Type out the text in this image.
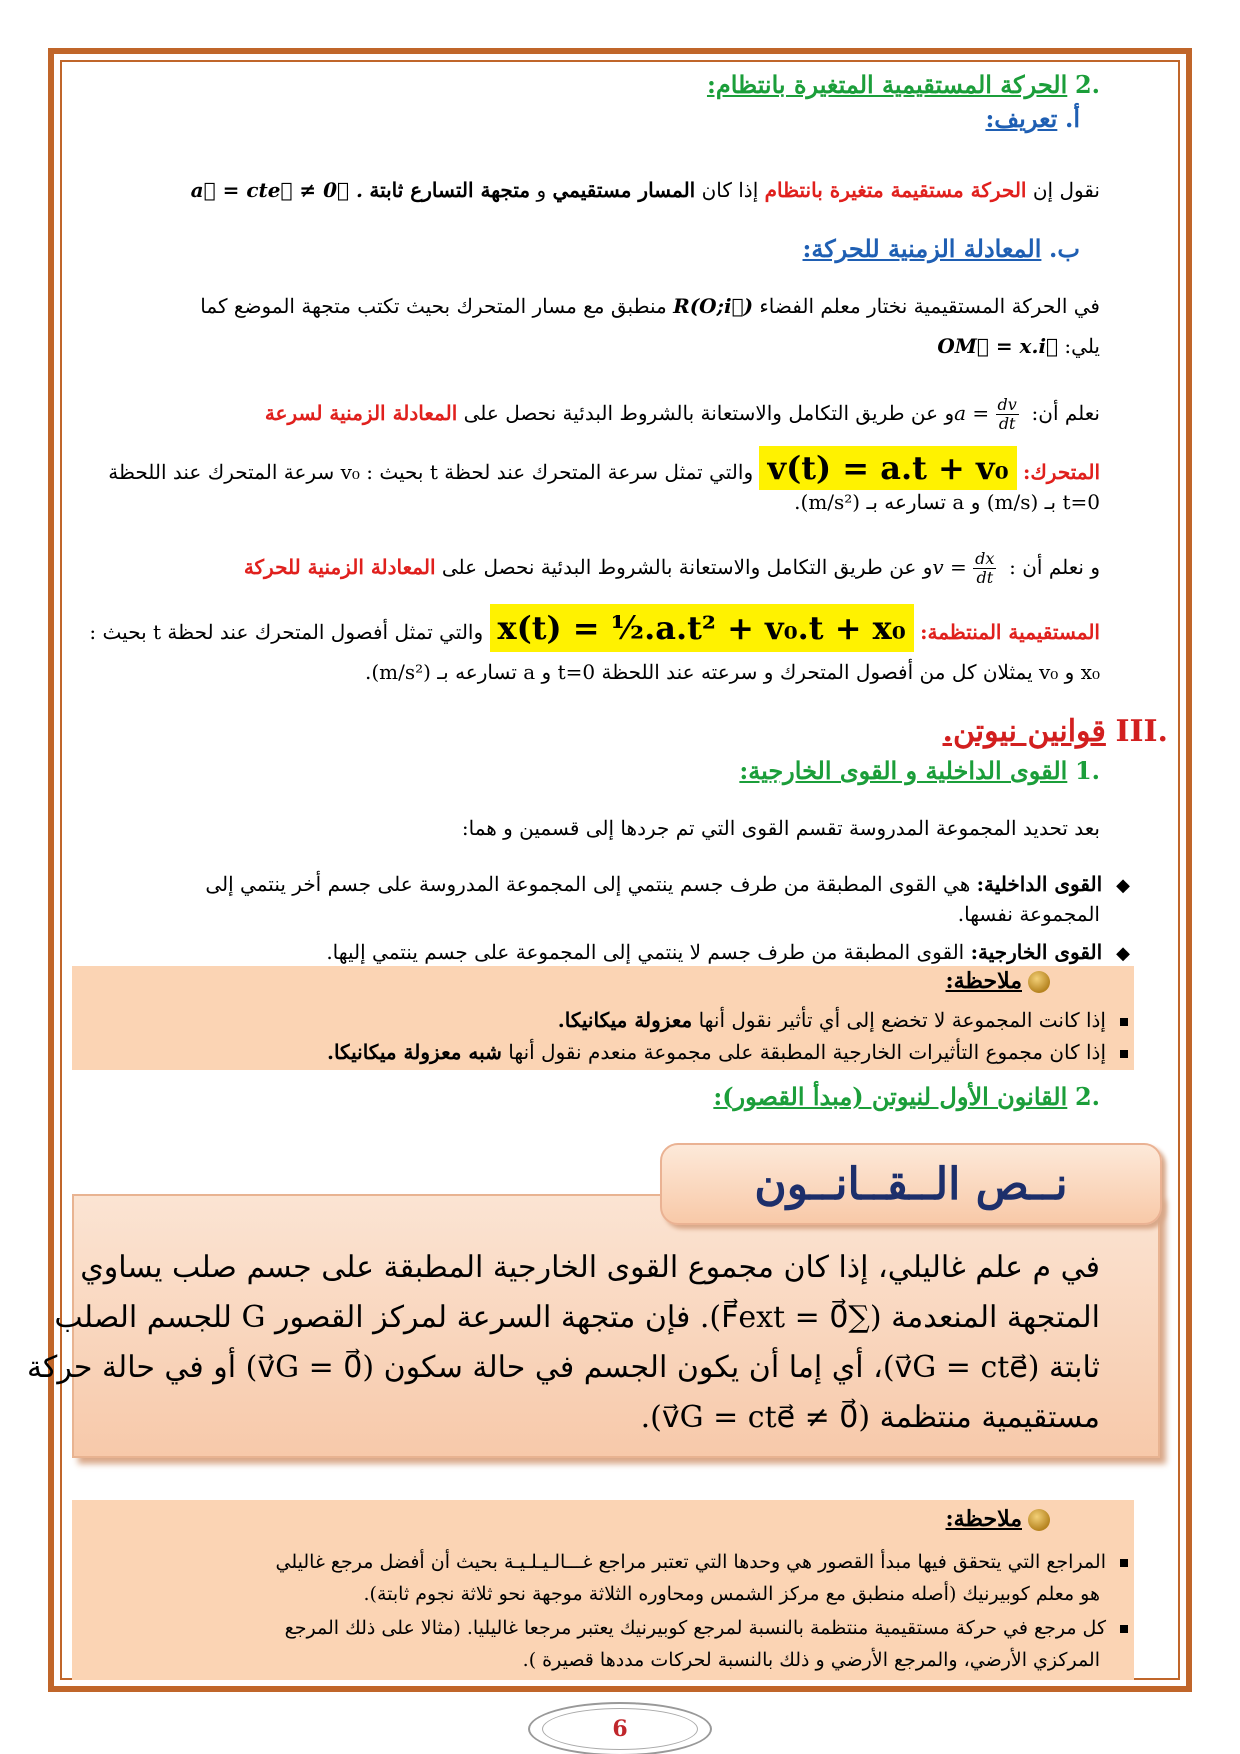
.2 الحركة المستقيمية المتغيرة بانتظام:
أ. تعريف:
نقول إن الحركة مستقيمة متغيرة بانتظام إذا كان المسار مستقيمي و متجهة التسارع ثابتة a⃗ = cte⃗ ≠ 0⃗ .
ب. المعادلة الزمنية للحركة:
في الحركة المستقيمية نختار معلم الفضاء R(O;i⃗) منطبق مع مسار المتحرك بحيث تكتب متجهة الموضع كما
يلي: OM⃗ = x.i⃗
نعلم أن: $a = \frac{dv}{dt}$
و عن طريق التكامل والاستعانة بالشروط البدئية نحصل على المعادلة الزمنية لسرعة
المتحرك: v(t) = a.t + v₀ والتي تمثل سرعة المتحرك عند لحظة t بحيث : v₀ سرعة المتحرك عند اللحظة
t=0 بـ (m/s) و a تسارعه بـ (m/s²).
و نعلم أن : $v = \frac{dx}{dt}$
و عن طريق التكامل والاستعانة بالشروط البدئية نحصل على المعادلة الزمنية للحركة
المستقيمية المنتظمة: x(t) = ½.a.t² + v₀.t + x₀ والتي تمثل أفصول المتحرك عند لحظة t بحيث :
x₀ و v₀ يمثلان كل من أفصول المتحرك و سرعته عند اللحظة t=0 و a تسارعه بـ (m/s²).
.III قوانين نيوتن.
.1 القوى الداخلية و القوى الخارجية:
بعد تحديد المجموعة المدروسة تقسم القوى التي تم جردها إلى قسمين و هما:
◆القوى الداخلية: هي القوى المطبقة من طرف جسم ينتمي إلى المجموعة المدروسة على جسم أخر ينتمي إلى
المجموعة نفسها.
◆القوى الخارجية: القوى المطبقة من طرف جسم لا ينتمي إلى المجموعة على جسم ينتمي إليها.
ملاحظة:
إذا كانت المجموعة لا تخضع إلى أي تأثير نقول أنها معزولة ميكانيكا.
إذا كان مجموع التأثيرات الخارجية المطبقة على مجموعة منعدم نقول أنها شبه معزولة ميكانيكا.
.2 القانون الأول لنيوتن (مبدأ القصور):
نــص الــقــانــون
في م علم غاليلي، إذا كان مجموع القوى الخارجية المطبقة على جسم صلب يساوي
المتجهة المنعدمة (∑F⃗ext = 0⃗). فإن متجهة السرعة لمركز القصور G للجسم الصلب
ثابتة (v⃗G = cte⃗)، أي إما أن يكون الجسم في حالة سكون (v⃗G = 0⃗) أو في حالة حركة
مستقيمية منتظمة (v⃗G = cte⃗ ≠ 0⃗).
ملاحظة:
المراجع التي يتحقق فيها مبدأ القصور هي وحدها التي تعتبر مراجع غـــالـيـلـيـة بحيث أن أفضل مرجع غاليلي
هو معلم كوبيرنيك (أصله منطبق مع مركز الشمس ومحاوره الثلاثة موجهة نحو ثلاثة نجوم ثابتة).
كل مرجع في حركة مستقيمية منتظمة بالنسبة لمرجع كوبيرنيك يعتبر مرجعا غاليليا. (مثالا على ذلك المرجع
المركزي الأرضي، والمرجع الأرضي و ذلك بالنسبة لحركات مددها قصيرة ).
6
